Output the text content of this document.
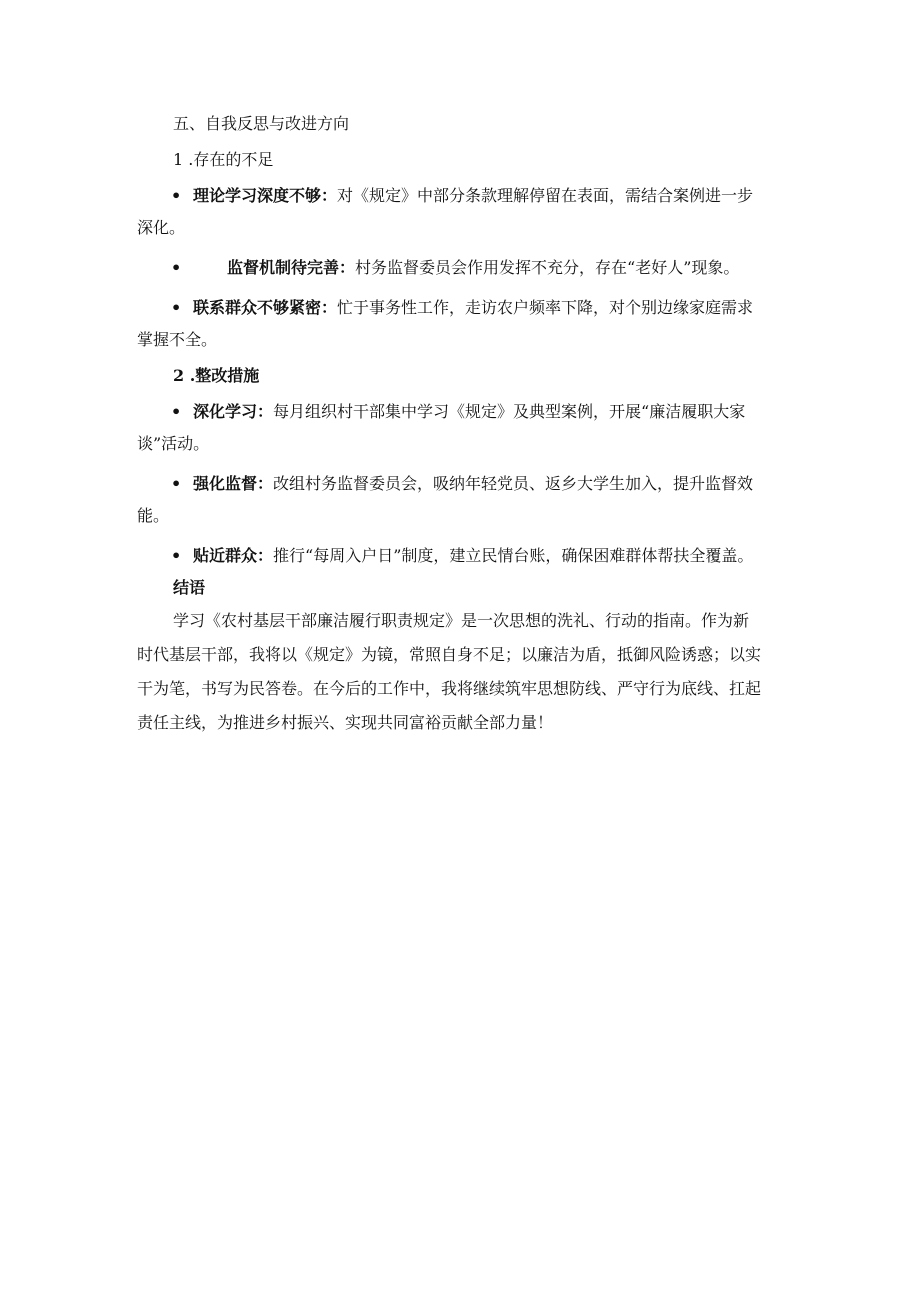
五、自我反思与改进方向

1 .存在的不足

• 理论学习深度不够：对《规定》中部分条款理解停留在表面，需结合案例进一步

深化。

•	监督机制待完善：村务监督委员会作用发挥不充分，存在“老好人”现象。

• 联系群众不够紧密：忙于事务性工作，走访农户频率下降，对个别边缘家庭需求

掌握不全。

2 .整改措施

• 深化学习：每月组织村干部集中学习《规定》及典型案例，开展“廉洁履职大家

谈”活动。

• 强化监督：改组村务监督委员会，吸纳年轻党员、返乡大学生加入，提升监督效

能。

• 贴近群众：推行“每周入户日”制度，建立民情台账，确保困难群体帮扶全覆盖。

结语

学习《农村基层干部廉洁履行职责规定》是一次思想的洗礼、行动的指南。作为新

时代基层干部，我将以《规定》为镜，常照自身不足；以廉洁为盾，抵御风险诱惑；以实

干为笔，书写为民答卷。在今后的工作中，我将继续筑牢思想防线、严守行为底线、扛起

责任主线，为推进乡村振兴、实现共同富裕贡献全部力量！
